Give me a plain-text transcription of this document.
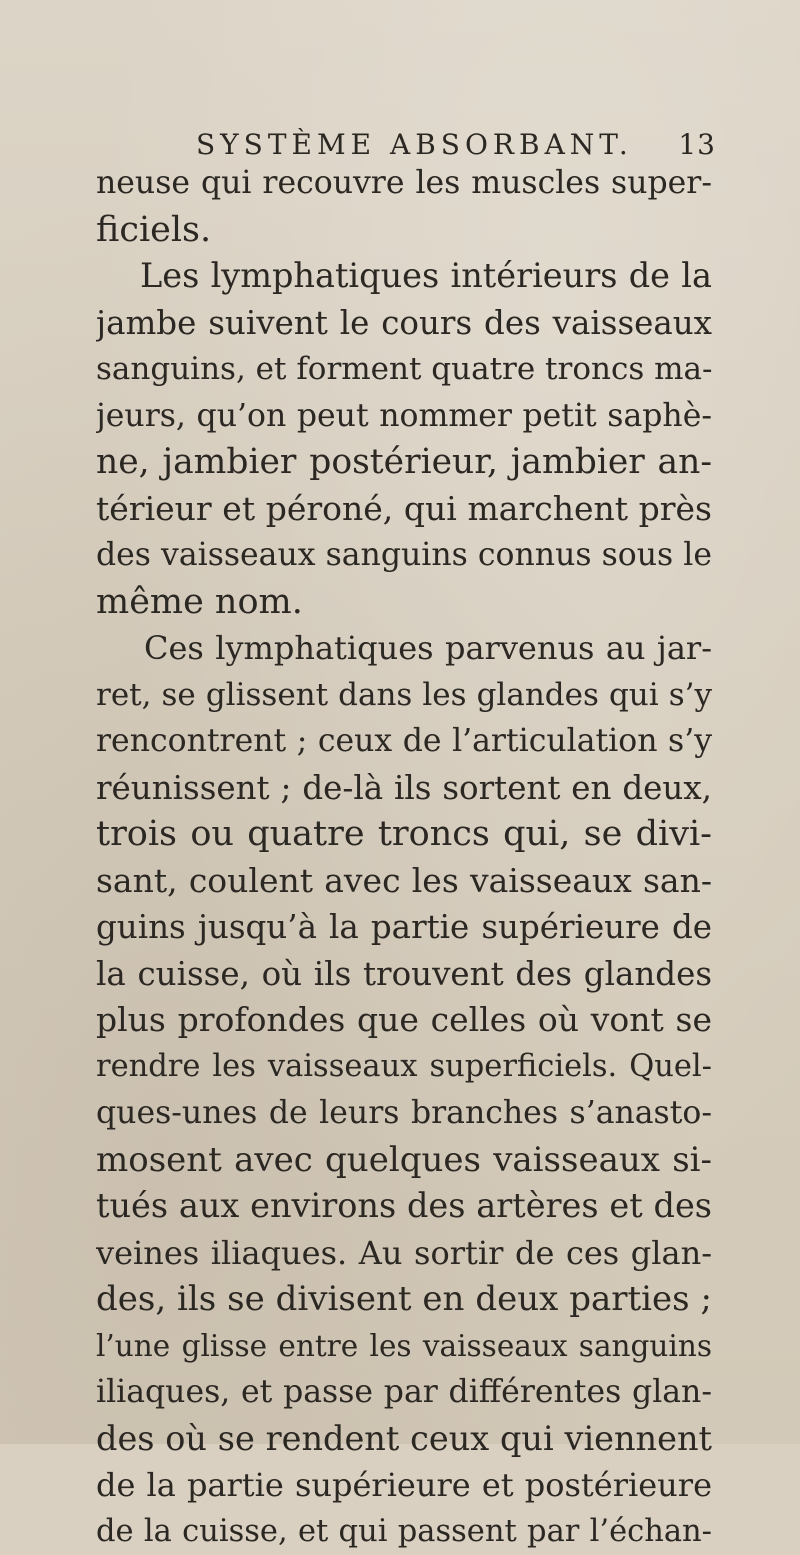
SYSTÈME ABSORBANT. 13
neuse qui recouvre les muscles super-
ficiels.
Les lymphatiques intérieurs de la
jambe suivent le cours des vaisseaux
sanguins, et forment quatre troncs ma-
jeurs, qu’on peut nommer petit saphè-
ne, jambier postérieur, jambier an-
térieur et péroné, qui marchent près
des vaisseaux sanguins connus sous le
même nom.
Ces lymphatiques parvenus au jar-
ret, se glissent dans les glandes qui s’y
rencontrent ; ceux de l’articulation s’y
réunissent ; de-là ils sortent en deux,
trois ou quatre troncs qui, se divi-
sant, coulent avec les vaisseaux san-
guins jusqu’à la partie supérieure de
la cuisse, où ils trouvent des glandes
plus profondes que celles où vont se
rendre les vaisseaux superficiels. Quel-
ques-unes de leurs branches s’anasto-
mosent avec quelques vaisseaux si-
tués aux environs des artères et des
veines iliaques. Au sortir de ces glan-
des, ils se divisent en deux parties ;
l’une glisse entre les vaisseaux sanguins
iliaques, et passe par différentes glan-
des où se rendent ceux qui viennent
de la partie supérieure et postérieure
de la cuisse, et qui passent par l’échan-
